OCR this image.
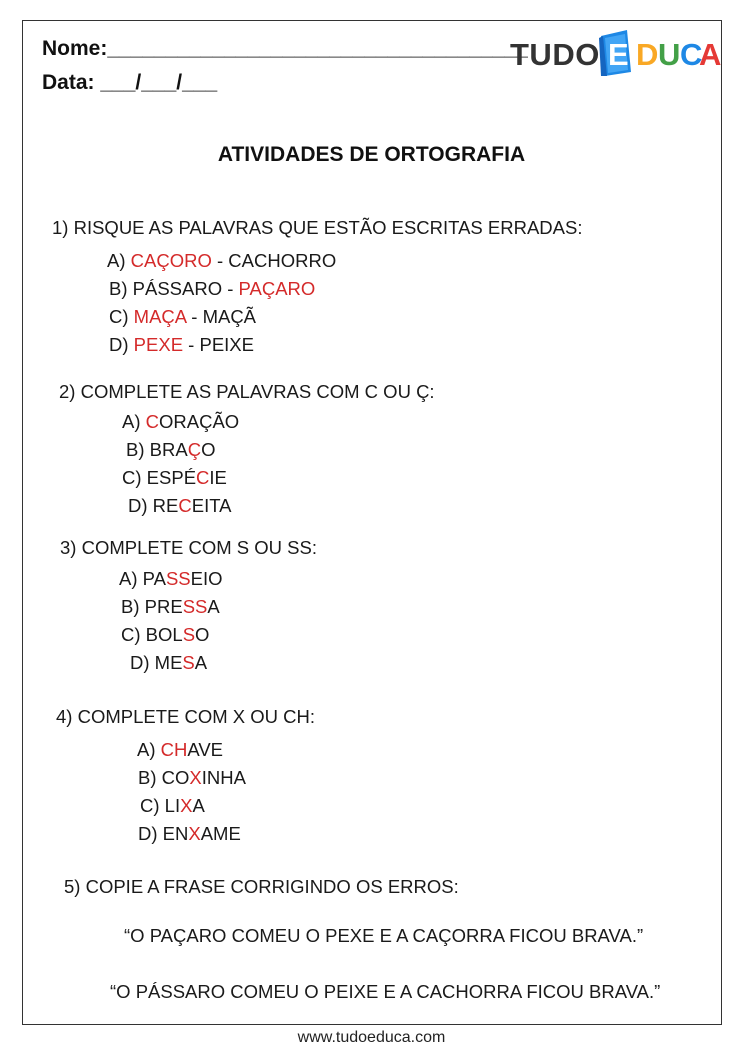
Nome:____________________________________
Data: ___/___/___
TUDO E D U C
A
ATIVIDADES DE ORTOGRAFIA
1) RISQUE AS PALAVRAS QUE ESTÃO ESCRITAS ERRADAS:
A) CAÇORO - CACHORRO
B) PÁSSARO - PAÇARO
C) MAÇA - MAÇÃ
D) PEXE - PEIXE
2) COMPLETE AS PALAVRAS COM C OU Ç:
A) CORAÇÃO
B) BRAÇO
C) ESPÉCIE
D) RECEITA
3) COMPLETE COM S OU SS:
A) PASSEIO
B) PRESSA
C) BOLSO
D) MESA
4) COMPLETE COM X OU CH:
A) CHAVE
B) COXINHA
C) LIXA
D) ENXAME
5) COPIE A FRASE CORRIGINDO OS ERROS:
“O PAÇARO COMEU O PEXE E A CAÇORRA FICOU BRAVA.”
“O PÁSSARO COMEU O PEIXE E A CACHORRA FICOU BRAVA.”
www.tudoeduca.com
